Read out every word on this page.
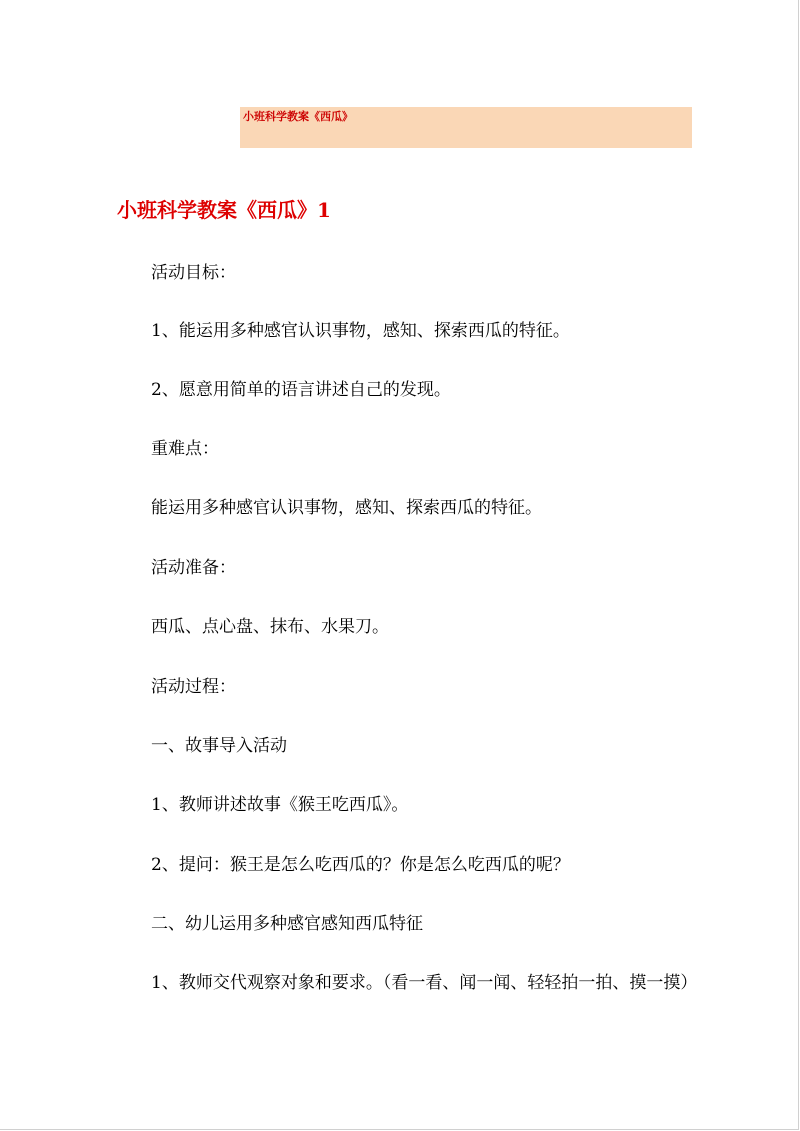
小班科学教案《西瓜》
小班科学教案《西瓜》1

活动目标：

1、能运用多种感官认识事物，感知、探索西瓜的特征。

2、愿意用简单的语言讲述自己的发现。

重难点：

能运用多种感官认识事物，感知、探索西瓜的特征。

活动准备：

西瓜、点心盘、抹布、水果刀。

活动过程：

一、故事导入活动

1、教师讲述故事《猴王吃西瓜》。

2、提问：猴王是怎么吃西瓜的？你是怎么吃西瓜的呢？

二、幼儿运用多种感官感知西瓜特征

1、教师交代观察对象和要求。（看一看、闻一闻、轻轻拍一拍、摸一摸）
